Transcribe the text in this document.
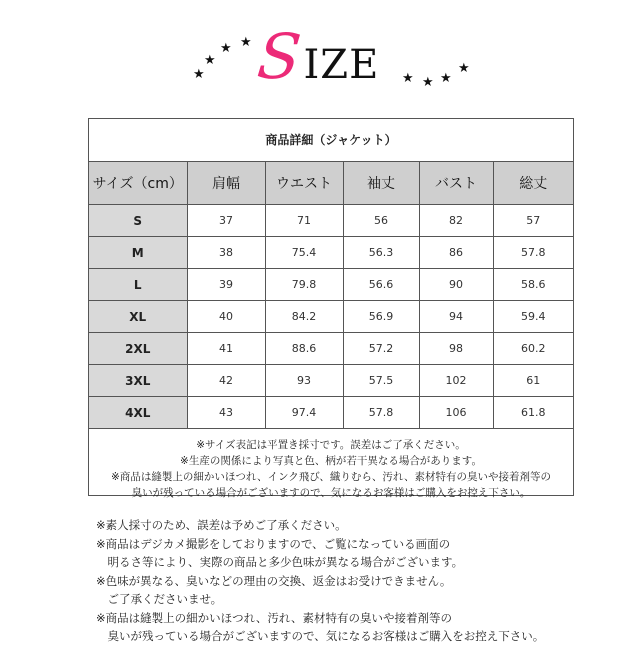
★
★
★ ★ SIZE	★ ★ ★
★
商品詳細（ジャケット）
サイズ（cm）	肩幅	ウエスト	袖丈	バスト	総丈
S	37	71	56	82	57
M	38	75.4	56.3	86	57.8
L	39	79.8	56.6	90	58.6
XL	40	84.2	56.9	94	59.4
2XL	41	88.6	57.2	98	60.2
3XL	42	93	57.5	102	61
4XL	43	97.4	57.8	106	61.8
※サイズ表記は平置き採寸です。誤差はご了承ください。
※生産の関係により写真と色、柄が若干異なる場合があります。
※商品は縫製上の細かいほつれ、インク飛び、織りむら、汚れ、素材特有の臭いや接着剤等の
臭いが残っている場合がございますので、気になるお客様はご購入をお控え下さい。
※素人採寸のため、誤差は予めご了承ください。
※商品はデジカメ撮影をしておりますので、ご覧になっている画面の
　明るさ等により、実際の商品と多少色味が異なる場合がございます。
※色味が異なる、臭いなどの理由の交換、返金はお受けできません。
　ご了承くださいませ。
※商品は縫製上の細かいほつれ、汚れ、素材特有の臭いや接着剤等の
　臭いが残っている場合がございますので、気になるお客様はご購入をお控え下さい。
